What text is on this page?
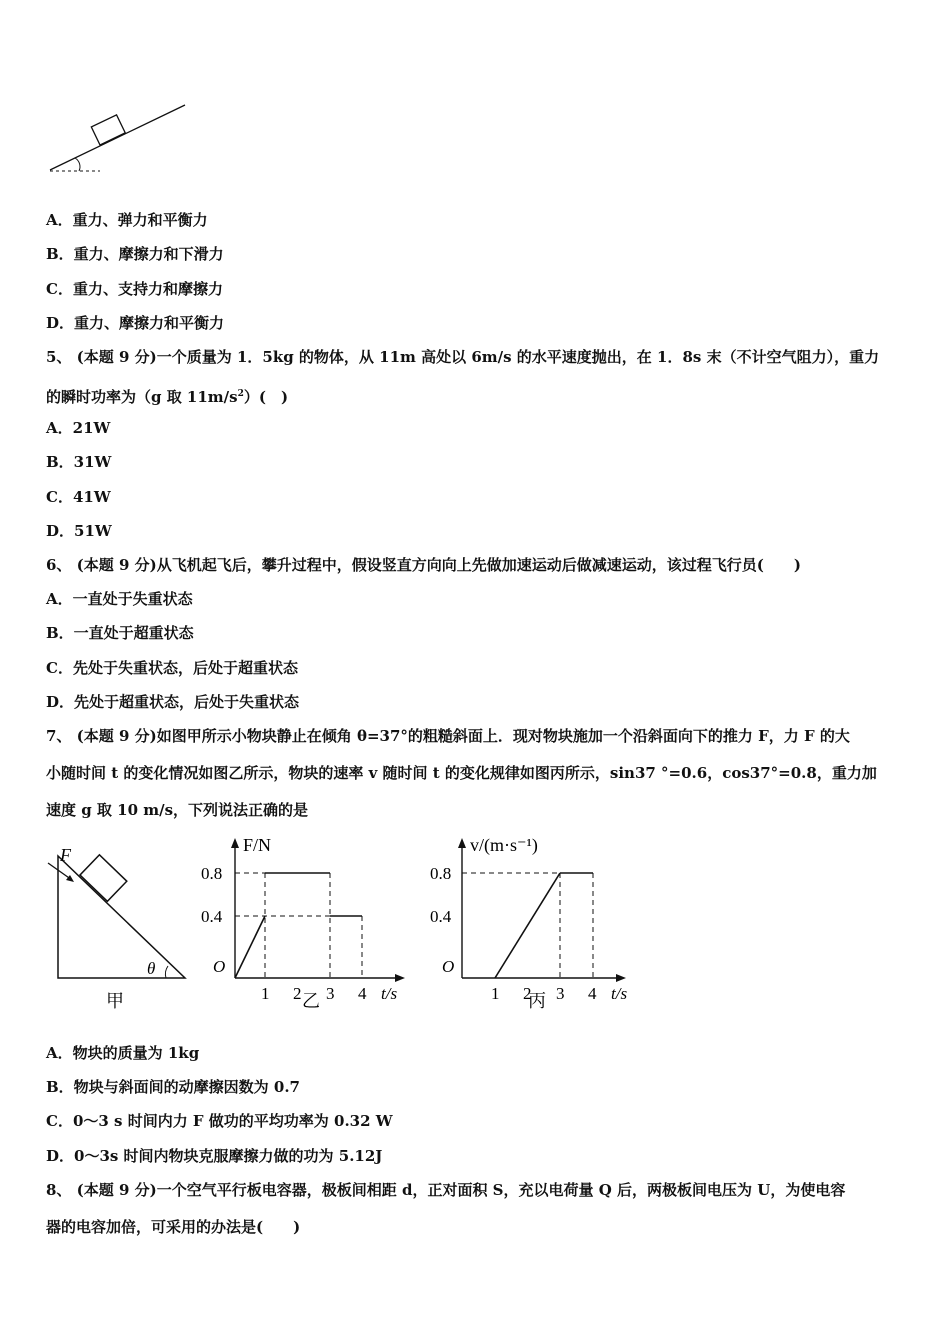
A．重力、弹力和平衡力
B．重力、摩擦力和下滑力
C．重力、支持力和摩擦力
D．重力、摩擦力和平衡力
5、 (本题 9 分)一个质量为 1．5kg 的物体，从 11m 高处以 6m/s 的水平速度抛出，在 1．8s 末（不计空气阻力），重力
的瞬时功率为（g 取 $11m/s^2$）(　)
A．21W
B．31W
C．41W
D．51W
6、 (本题 9 分)从飞机起飞后，攀升过程中，假设竖直方向向上先做加速运动后做减速运动，该过程飞行员(　　)
A．一直处于失重状态
B．一直处于超重状态
C．先处于失重状态，后处于超重状态
D．先处于超重状态，后处于失重状态
7、 (本题 9 分)如图甲所示小物块静止在倾角 θ=37°的粗糙斜面上．现对物块施加一个沿斜面向下的推力 F，力 F 的大
小随时间 t 的变化情况如图乙所示，物块的速率 v 随时间 t 的变化规律如图丙所示，sin37 °=0.6，cos37°=0.8，重力加
速度 g 取 10 m/s，下列说法正确的是
F
θ
甲
F/N
0.8
0.4
O
1 2 3 4 t/s
乙
v/(m·s⁻¹)
0.8
0.4
O
1 2 3 4 t/s
丙
A．物块的质量为 1kg
B．物块与斜面间的动摩擦因数为 0.7
C．0～3 s 时间内力 F 做功的平均功率为 0.32 W
D．0～3s 时间内物块克服摩擦力做的功为 5.12J
8、 (本题 9 分)一个空气平行板电容器，极板间相距 d，正对面积 S，充以电荷量 Q 后，两极板间电压为 U，为使电容
器的电容加倍，可采用的办法是(　　)
